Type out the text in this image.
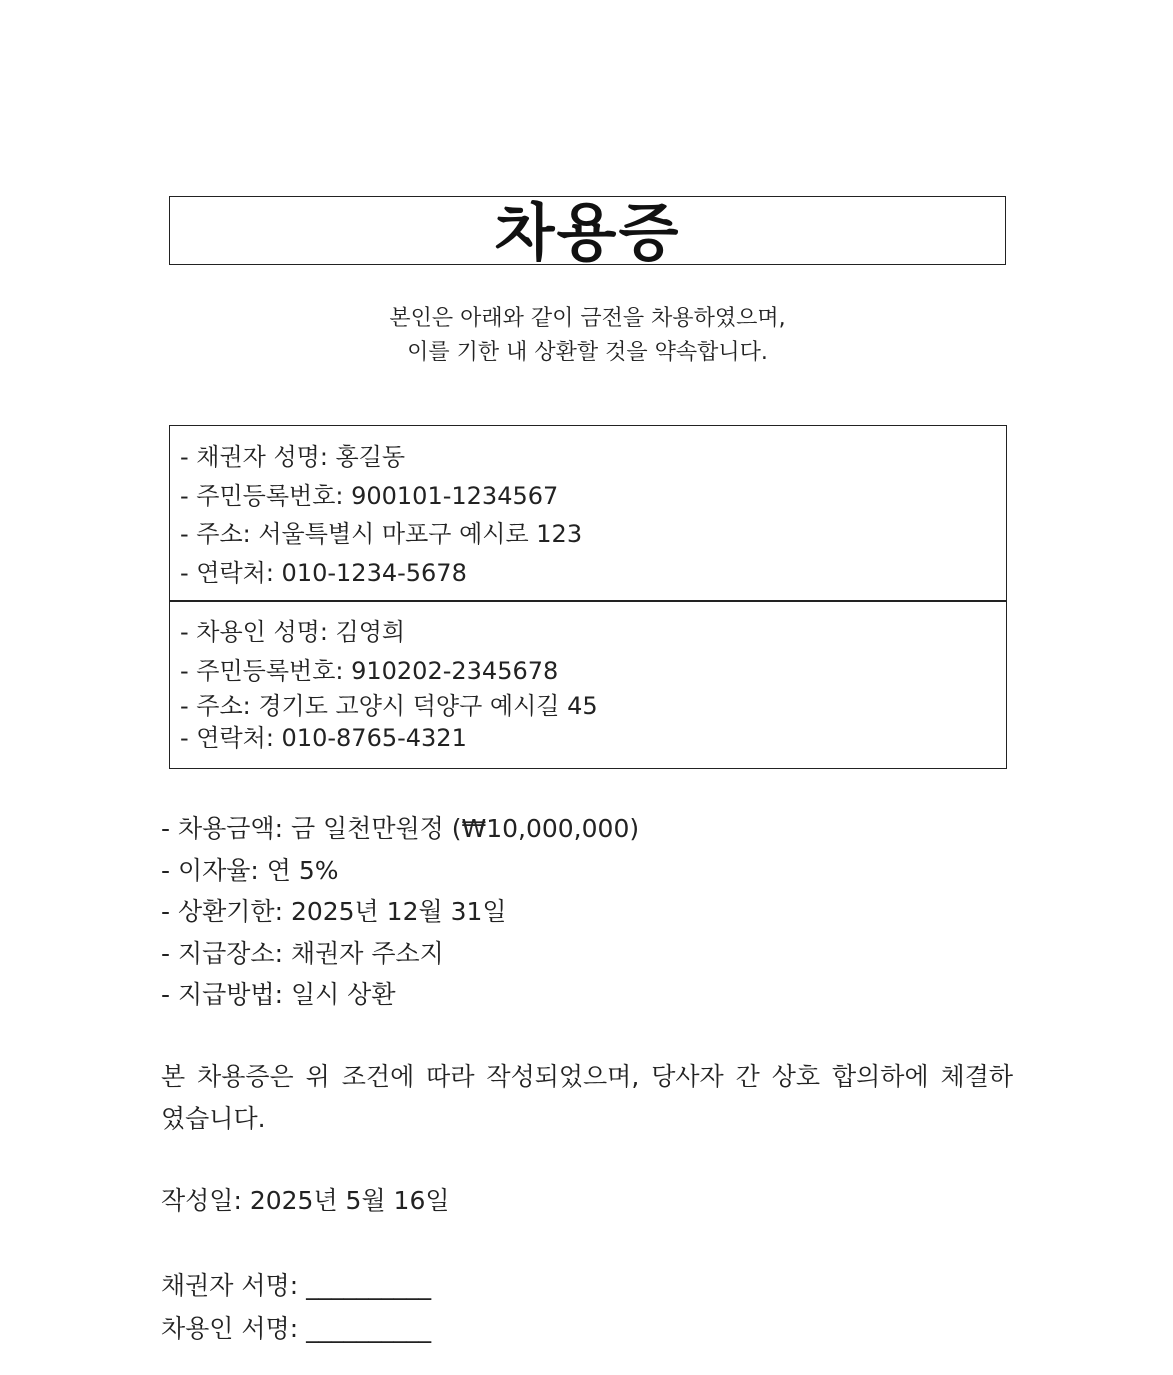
차용증
본인은 아래와 같이 금전을 차용하였으며,
이를 기한 내 상환할 것을 약속합니다.
- 채권자 성명: 홍길동
- 주민등록번호: 900101-1234567
- 주소: 서울특별시 마포구 예시로 123
- 연락처: 010-1234-5678
- 차용인 성명: 김영희
- 주민등록번호: 910202-2345678
- 주소: 경기도 고양시 덕양구 예시길 45
- 연락처: 010-8765-4321
- 차용금액: 금 일천만원정 (₩10,000,000)
- 이자율: 연 5%
- 상환기한: 2025년 12월 31일
- 지급장소: 채권자 주소지
- 지급방법: 일시 상환
본 차용증은 위 조건에 따라 작성되었으며, 당사자 간 상호 합의하에 체결하였습니다.
작성일: 2025년 5월 16일
채권자 서명: __________
차용인 서명: __________
